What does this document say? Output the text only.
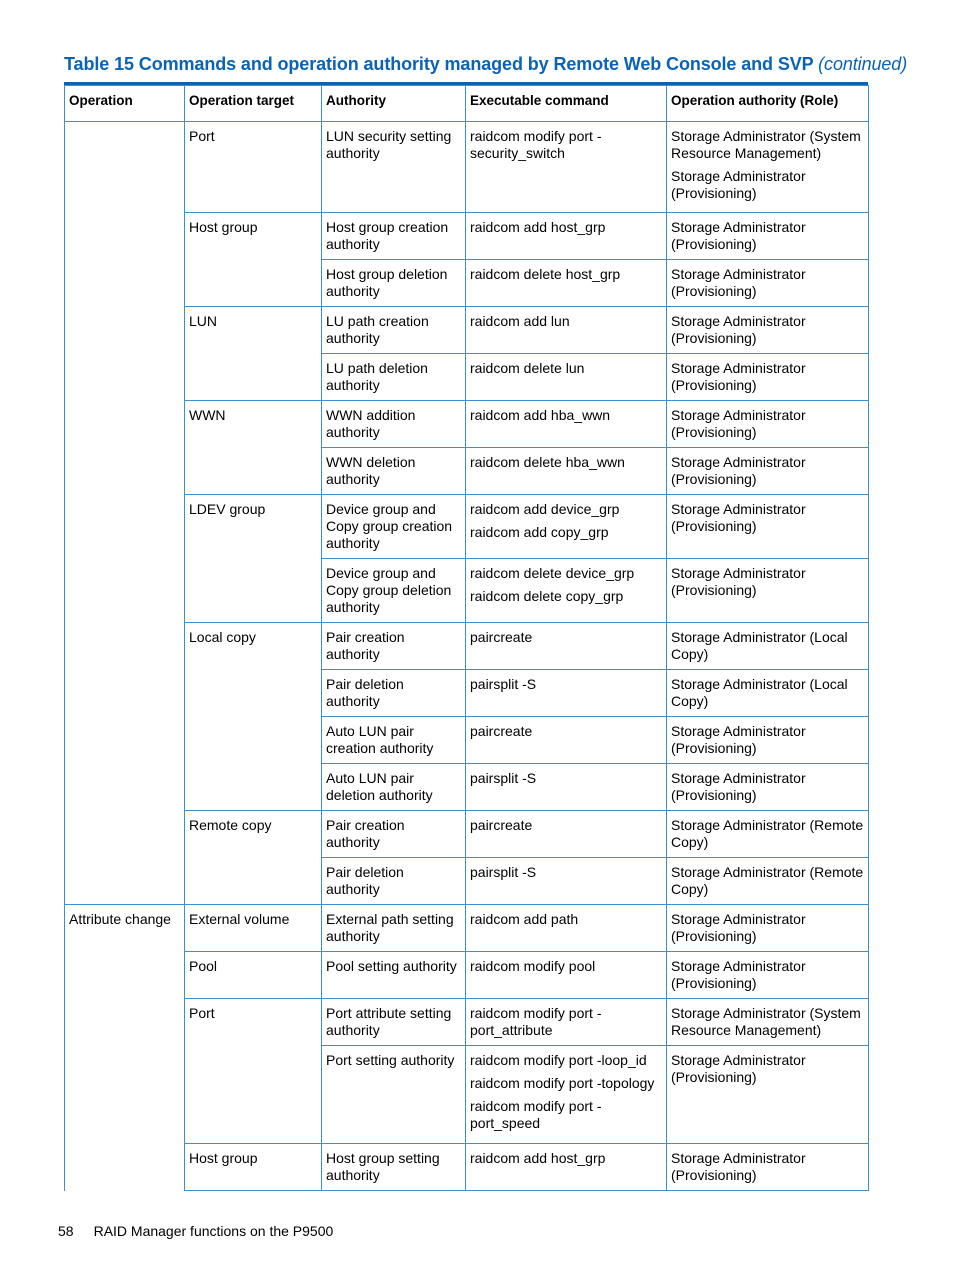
Table 15 Commands and operation authority managed by Remote Web Console and SVP (continued)
Operation	Operation target	Authority	Executable command	Operation authority (Role)
	Port	LUN security setting authority	raidcom modify port -security_switch	Storage Administrator (System Resource Management)
Storage Administrator (Provisioning)

	Host group	Host group creation authority	raidcom add host_grp	Storage Administrator (Provisioning)

		Host group deletion authority	raidcom delete host_grp	Storage Administrator (Provisioning)

	LUN	LU path creation authority	raidcom add lun	Storage Administrator (Provisioning)

		LU path deletion authority	raidcom delete lun	Storage Administrator (Provisioning)

	WWN	WWN addition authority	raidcom add hba_wwn	Storage Administrator (Provisioning)

		WWN deletion authority	raidcom delete hba_wwn	Storage Administrator (Provisioning)

	LDEV group	Device group and Copy group creation authority	raidcom add device_grp
raidcom add copy_grp	Storage Administrator (Provisioning)

		Device group and Copy group deletion authority	raidcom delete device_grp
raidcom delete copy_grp	Storage Administrator (Provisioning)

	Local copy	Pair creation authority	paircreate	Storage Administrator (Local Copy)

		Pair deletion authority	pairsplit -S	Storage Administrator (Local Copy)

		Auto LUN pair creation authority	paircreate	Storage Administrator (Provisioning)

		Auto LUN pair deletion authority	pairsplit -S	Storage Administrator (Provisioning)

	Remote copy	Pair creation authority	paircreate	Storage Administrator (Remote Copy)

		Pair deletion authority	pairsplit -S	Storage Administrator (Remote Copy)

Attribute change	External volume	External path setting authority	raidcom add path	Storage Administrator (Provisioning)

	Pool	Pool setting authority	raidcom modify pool	Storage Administrator (Provisioning)

	Port	Port attribute setting authority	raidcom modify port -port_attribute	Storage Administrator (System Resource Management)

		Port setting authority	raidcom modify port -loop_id
raidcom modify port -topology
raidcom modify port -port_speed	Storage Administrator (Provisioning)

	Host group	Host group setting authority	raidcom add host_grp	Storage Administrator (Provisioning)
58 RAID Manager functions on the P9500
